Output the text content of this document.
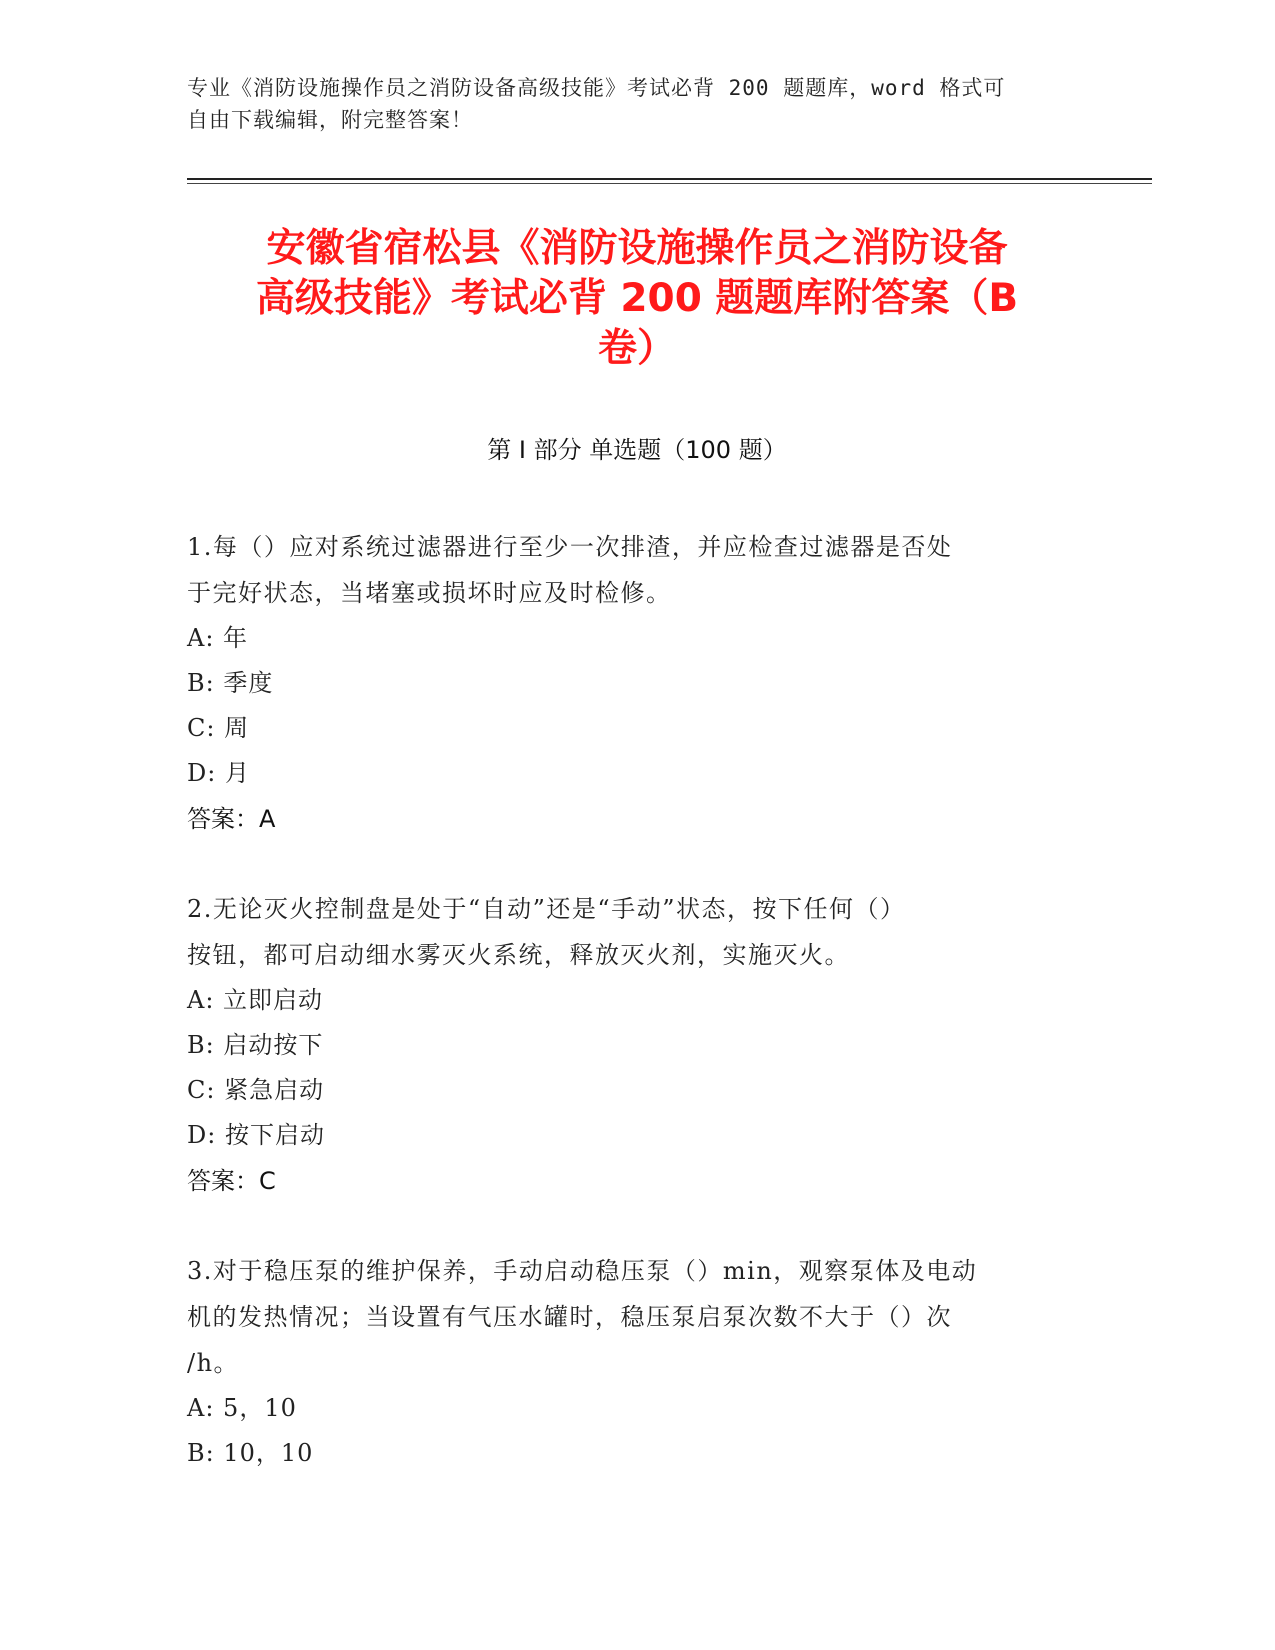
专业《消防设施操作员之消防设备高级技能》考试必背 200 题题库，word 格式可
自由下载编辑，附完整答案！
安徽省宿松县《消防设施操作员之消防设备
高级技能》考试必背 200 题题库附答案（B
卷）
第 I 部分 单选题（100 题）
1.每（）应对系统过滤器进行至少一次排渣，并应检查过滤器是否处
于完好状态，当堵塞或损坏时应及时检修。
A: 年
B: 季度
C: 周
D: 月
答案：A
2.无论灭火控制盘是处于“自动”还是“手动”状态，按下任何（）
按钮，都可启动细水雾灭火系统，释放灭火剂，实施灭火。
A: 立即启动
B: 启动按下
C: 紧急启动
D: 按下启动
答案：C
3.对于稳压泵的维护保养，手动启动稳压泵（）min，观察泵体及电动
机的发热情况；当设置有气压水罐时，稳压泵启泵次数不大于（）次
/h。
A: 5，10
B: 10，10
